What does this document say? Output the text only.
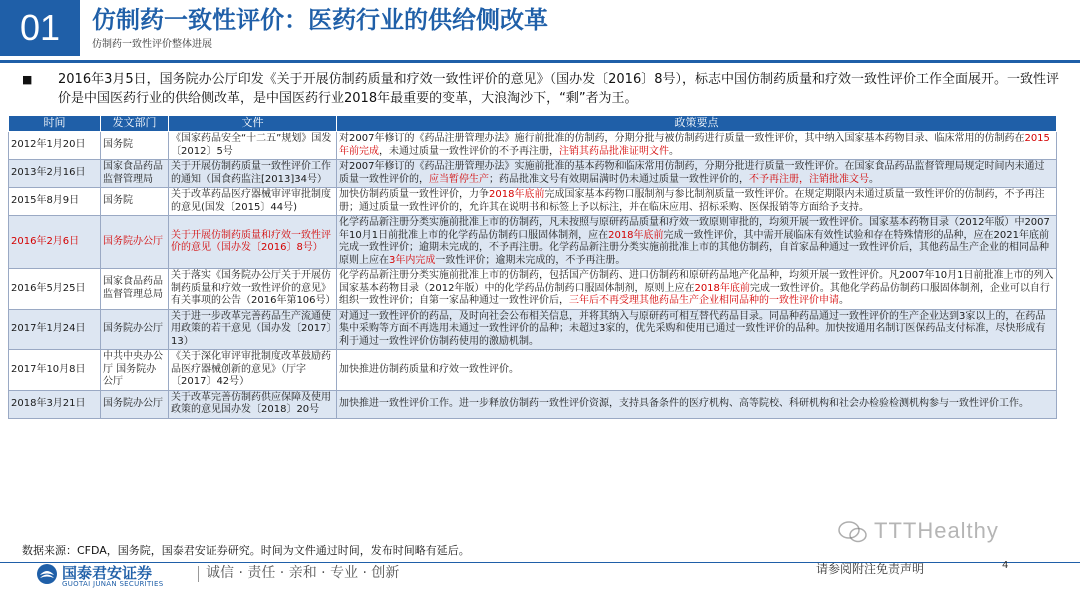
01	仿制药一致性评价：医药行业的供给侧改革
仿制药一致性评价整体进展
■ 2016年3月5日，国务院办公厅印发《关于开展仿制药质量和疗效一致性评价的意见》（国办发〔2016〕8号），标志中国仿制药质量和疗效一致性评价工作全面展开。一致性评价是中国医药行业的供给侧改革，是中国医药行业2018年最重要的变革，大浪淘沙下，“剩”者为王。
时间	发文部门	文件	政策要点
2012年1月20日	国务院	《国家药品安全“十二五”规划》国发〔2012〕5号	对2007年修订的《药品注册管理办法》施行前批准的仿制药，分期分批与被仿制药进行质量一致性评价，其中纳入国家基本药物目录、临床常用的仿制药在2015年前完成，未通过质量一致性评价的不予再注册，注销其药品批准证明文件。
2013年2月16日	国家食品药品监督管理局	关于开展仿制药质量一致性评价工作的通知（国食药监注[2013]34号）	对2007年修订的《药品注册管理办法》实施前批准的基本药物和临床常用仿制药，分期分批进行质量一致性评价。在国家食品药品监督管理局规定时间内未通过质量一致性评价的，应当暂停生产；药品批准文号有效期届满时仍未通过质量一致性评价的，不予再注册，注销批准文号。
2015年8月9日	国务院	关于改革药品医疗器械审评审批制度的意见(国发〔2015〕44号)	加快仿制药质量一致性评价，力争2018年底前完成国家基本药物口服制剂与参比制剂质量一致性评价。在规定期限内未通过质量一致性评价的仿制药，不予再注册；通过质量一致性评价的，允许其在说明书和标签上予以标注，并在临床应用、招标采购、医保报销等方面给予支持。
2016年2月6日	国务院办公厅	关于开展仿制药质量和疗效一致性评价的意见（国办发〔2016〕8号）	化学药品新注册分类实施前批准上市的仿制药，凡未按照与原研药品质量和疗效一致原则审批的，均须开展一致性评价。国家基本药物目录（2012年版）中2007年10月1日前批准上市的化学药品仿制药口服固体制剂，应在2018年底前完成一致性评价，其中需开展临床有效性试验和存在特殊情形的品种，应在2021年底前完成一致性评价；逾期未完成的，不予再注册。化学药品新注册分类实施前批准上市的其他仿制药，自首家品种通过一致性评价后，其他药品生产企业的相同品种原则上应在3年内完成一致性评价；逾期未完成的，不予再注册。
2016年5月25日	国家食品药品监督管理总局	关于落实《国务院办公厅关于开展仿制药质量和疗效一致性评价的意见》有关事项的公告（2016年第106号）	化学药品新注册分类实施前批准上市的仿制药，包括国产仿制药、进口仿制药和原研药品地产化品种，均须开展一致性评价。凡2007年10月1日前批准上市的列入国家基本药物目录（2012年版）中的化学药品仿制药口服固体制剂，原则上应在2018年底前完成一致性评价。其他化学药品仿制药口服固体制剂，企业可以自行组织一致性评价；自第一家品种通过一致性评价后，三年后不再受理其他药品生产企业相同品种的一致性评价申请。
2017年1月24日	国务院办公厅	关于进一步改革完善药品生产流通使用政策的若干意见（国办发〔2017〕13）	对通过一致性评价的药品，及时向社会公布相关信息，并将其纳入与原研药可相互替代药品目录。同品种药品通过一致性评价的生产企业达到3家以上的，在药品集中采购等方面不再选用未通过一致性评价的品种；未超过3家的，优先采购和使用已通过一致性评价的品种。加快按通用名制订医保药品支付标准，尽快形成有利于通过一致性评价仿制药使用的激励机制。
2017年10月8日	中共中央办公厅 国务院办公厅	《关于深化审评审批制度改革鼓励药品医疗器械创新的意见》（厅字〔2017〕42号）	加快推进仿制药质量和疗效一致性评价。
2018年3月21日	国务院办公厅	关于改革完善仿制药供应保障及使用政策的意见国办发〔2018〕20号	加快推进一致性评价工作。进一步释放仿制药一致性评价资源，支持具备条件的医疗机构、高等院校、科研机构和社会办检验检测机构参与一致性评价工作。
数据来源：CFDA，国务院，国泰君安证券研究。时间为文件通过时间，发布时间略有延后。
TTTHealthy
国泰君安证券
GUOTAI JUNAN SECURITIES
诚信 · 责任 · 亲和 · 专业 · 创新	请参阅附注免责声明	4
